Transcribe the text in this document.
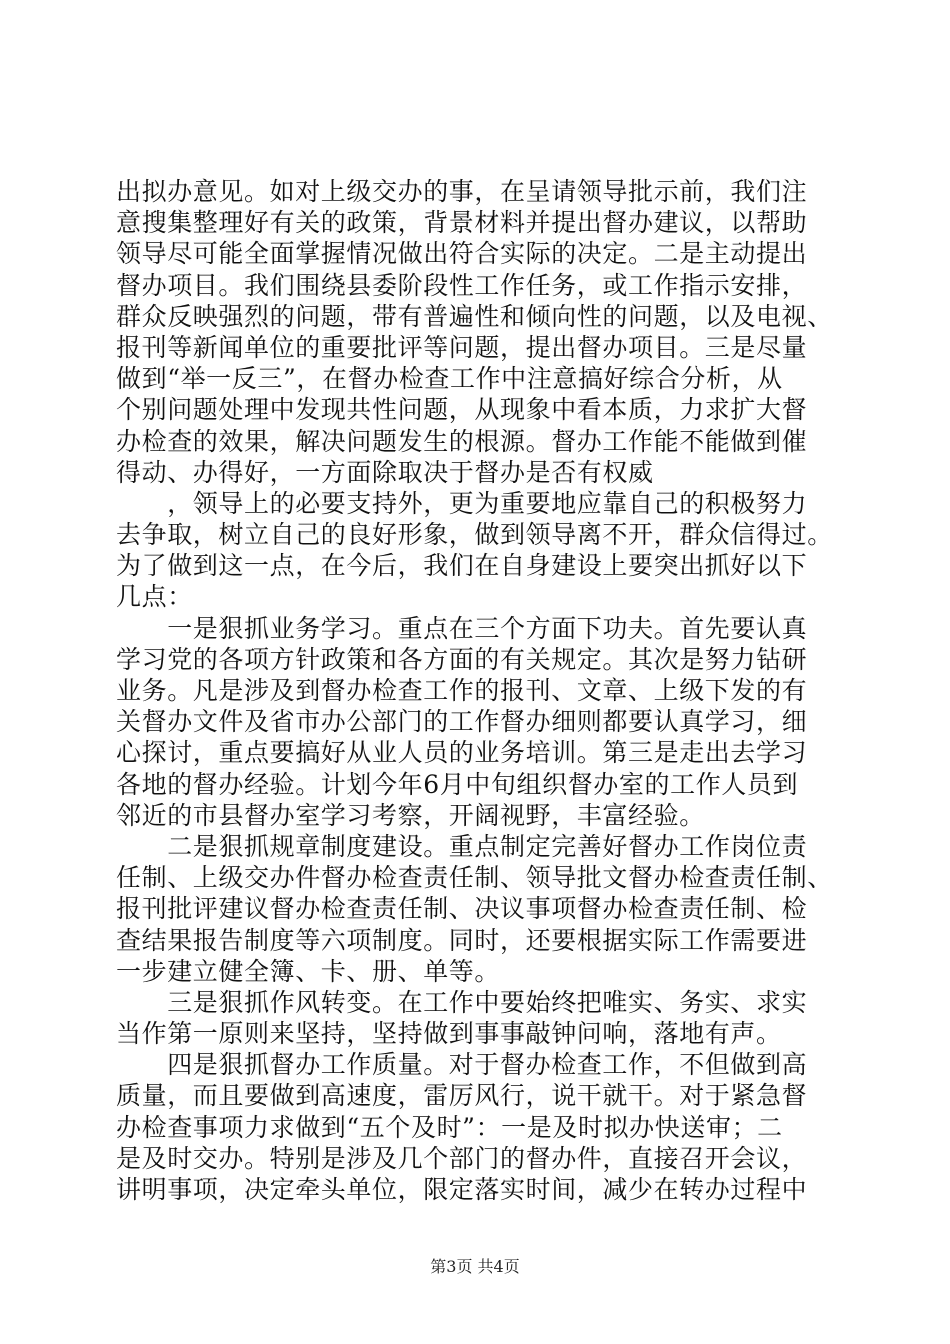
出拟办意见。如对上级交办的事，在呈请领导批示前，我们注
意搜集整理好有关的政策，背景材料并提出督办建议，以帮助
领导尽可能全面掌握情况做出符合实际的决定。二是主动提出
督办项目。我们围绕县委阶段性工作任务，或工作指示安排，
群众反映强烈的问题，带有普遍性和倾向性的问题，以及电视、
报刊等新闻单位的重要批评等问题，提出督办项目。三是尽量
做到“举一反三”，在督办检查工作中注意搞好综合分析，从
个别问题处理中发现共性问题，从现象中看本质，力求扩大督
办检查的效果，解决问题发生的根源。督办工作能不能做到催
得动、办得好，一方面除取决于督办是否有权威
　　，领导上的必要支持外，更为重要地应靠自己的积极努力
去争取，树立自己的良好形象，做到领导离不开，群众信得过。
为了做到这一点，在今后，我们在自身建设上要突出抓好以下
几点：
　　一是狠抓业务学习。重点在三个方面下功夫。首先要认真
学习党的各项方针政策和各方面的有关规定。其次是努力钻研
业务。凡是涉及到督办检查工作的报刊、文章、上级下发的有
关督办文件及省市办公部门的工作督办细则都要认真学习，细
心探讨，重点要搞好从业人员的业务培训。第三是走出去学习
各地的督办经验。计划今年6月中旬组织督办室的工作人员到
邻近的市县督办室学习考察，开阔视野，丰富经验。
　　二是狠抓规章制度建设。重点制定完善好督办工作岗位责
任制、上级交办件督办检查责任制、领导批文督办检查责任制、
报刊批评建议督办检查责任制、决议事项督办检查责任制、检
查结果报告制度等六项制度。同时，还要根据实际工作需要进
一步建立健全簿、卡、册、单等。
　　三是狠抓作风转变。在工作中要始终把唯实、务实、求实
当作第一原则来坚持，坚持做到事事敲钟问响，落地有声。
　　四是狠抓督办工作质量。对于督办检查工作，不但做到高
质量，而且要做到高速度，雷厉风行，说干就干。对于紧急督
办检查事项力求做到“五个及时”：一是及时拟办快送审；二
是及时交办。特别是涉及几个部门的督办件，直接召开会议，
讲明事项，决定牵头单位，限定落实时间，减少在转办过程中
第3页 共4页
